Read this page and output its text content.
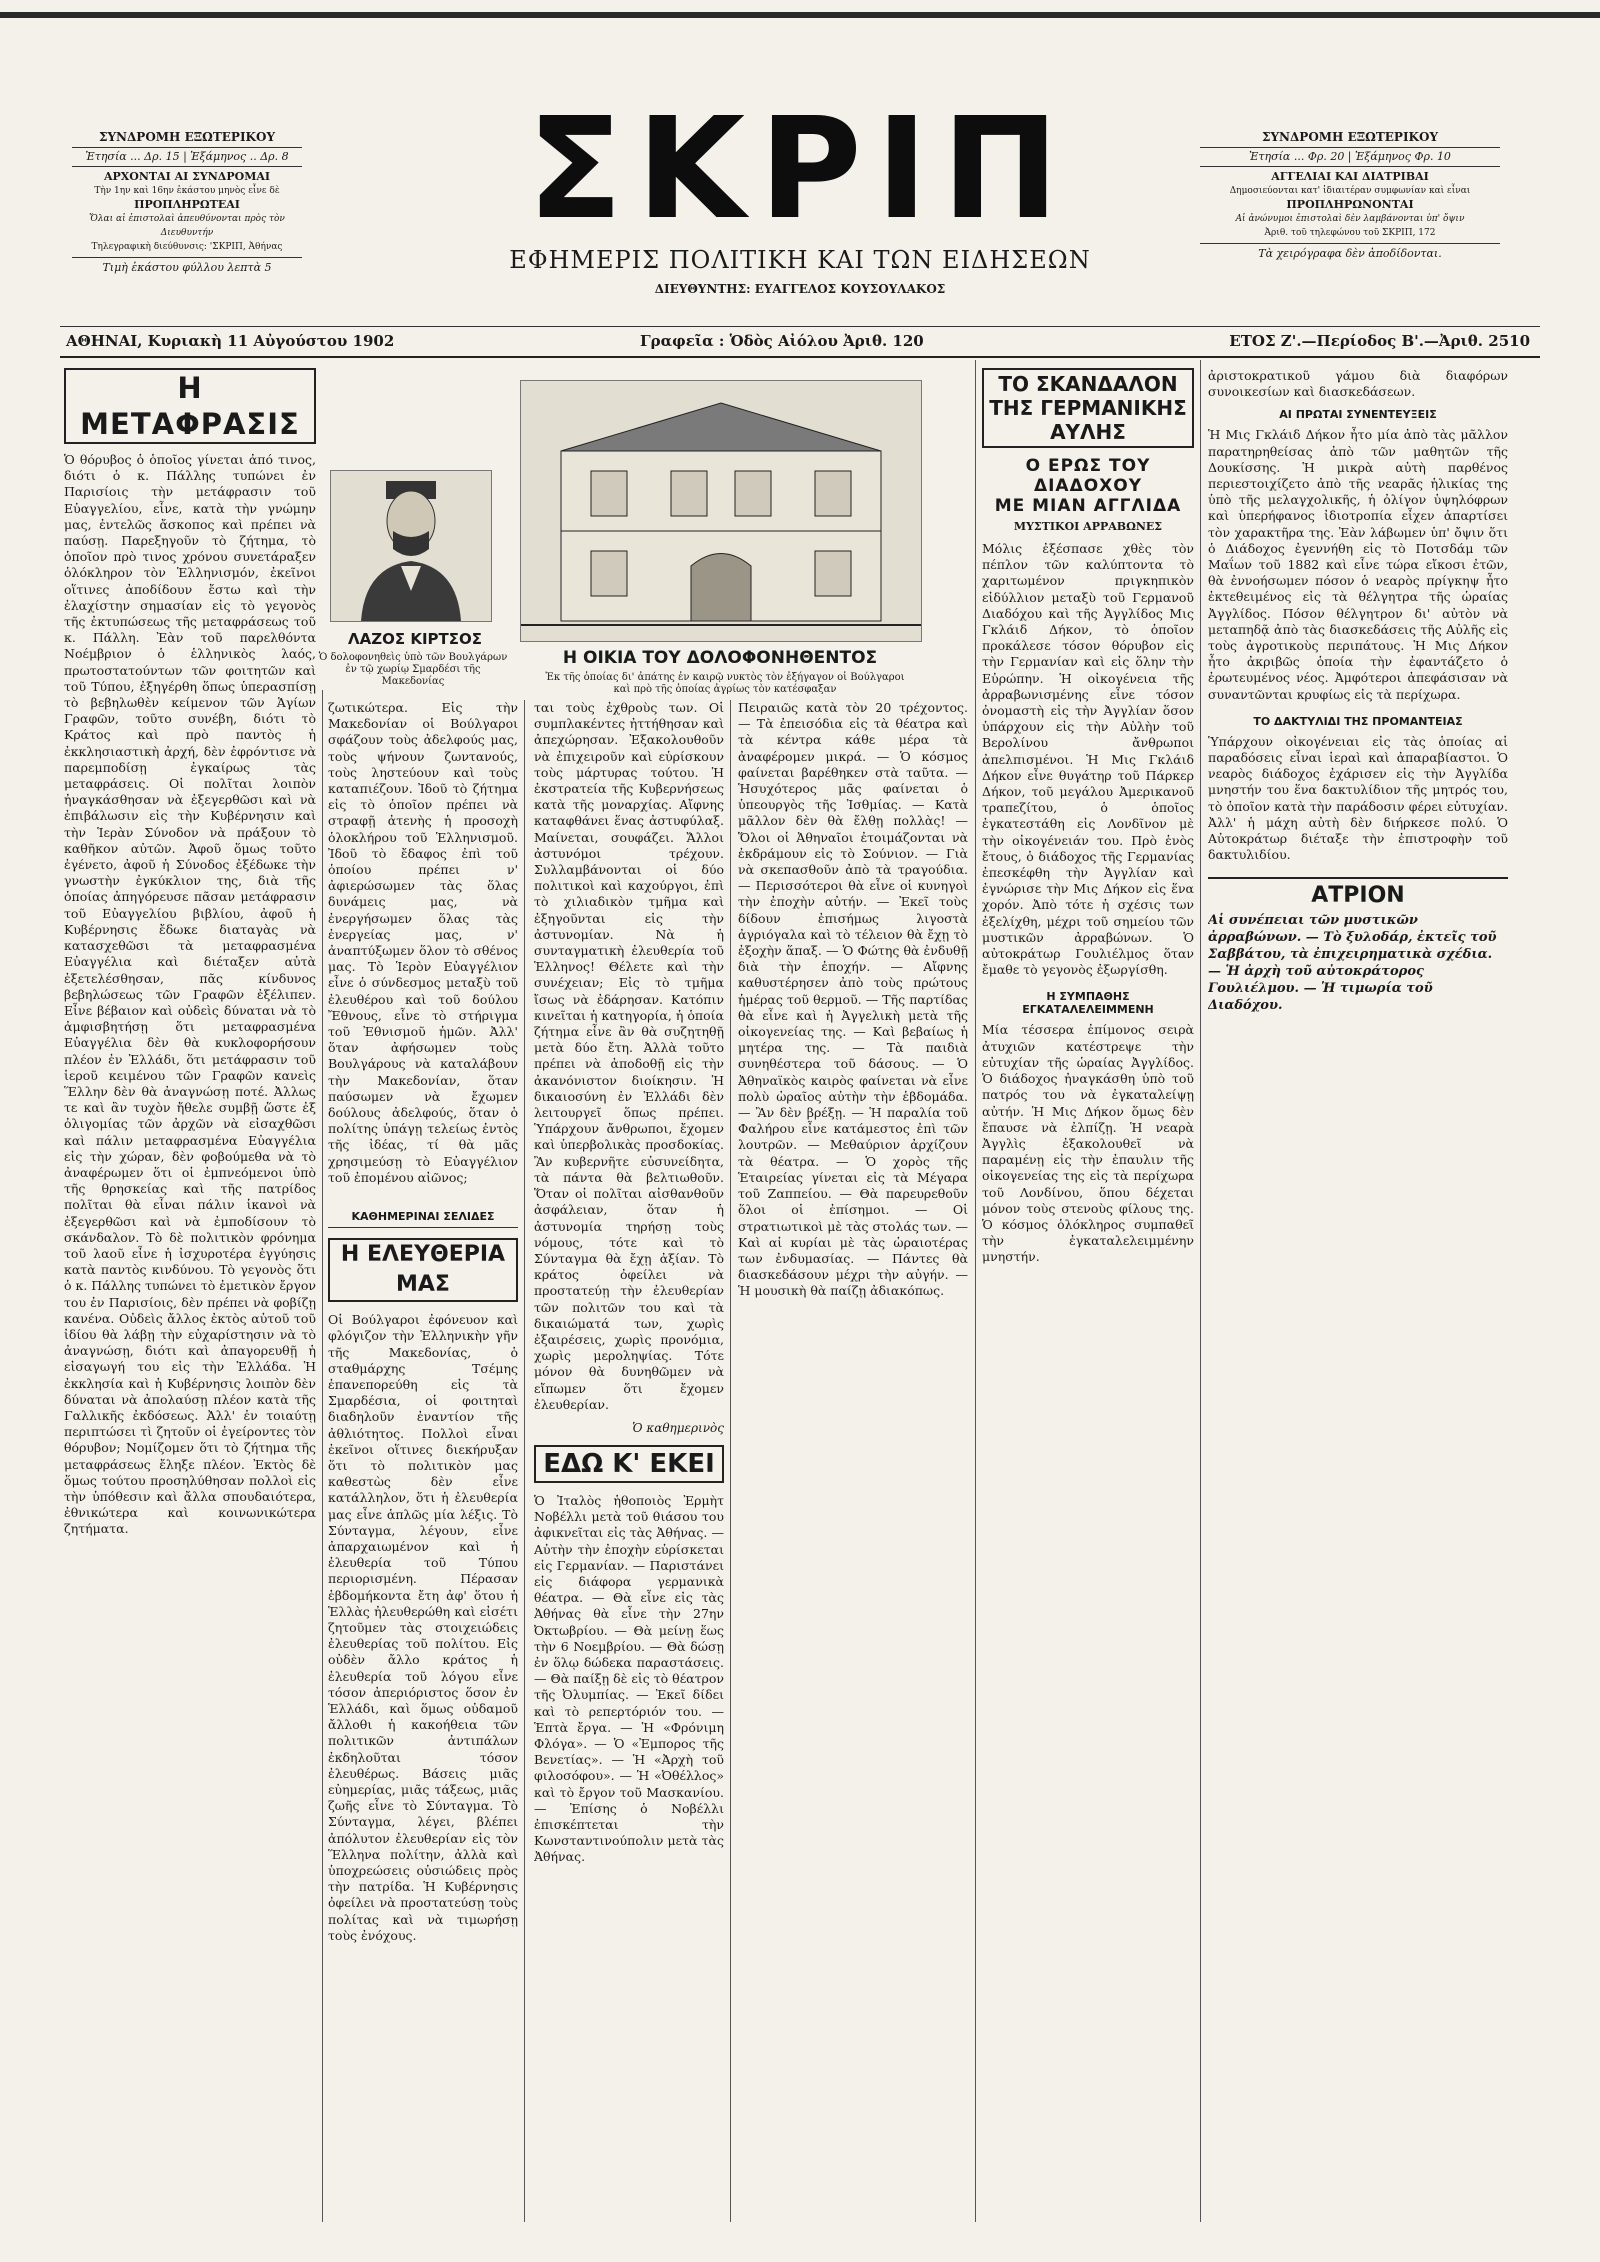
ΣΥΝΔΡΟΜΗ ΕΞΩΤΕΡΙΚΟΥ
Ἐτησία ... Δρ. 15 | Ἑξάμηνος .. Δρ. 8
ΑΡΧΟΝΤΑΙ ΑΙ ΣΥΝΔΡΟΜΑΙ
Τὴν 1ην καὶ 16ην ἑκάστου μηνὸς εἶνε δὲ
ΠΡΟΠΛΗΡΩΤΕΑΙ
Ὅλαι αἱ ἐπιστολαὶ ἀπευθύνονται πρὸς τὸν Διευθυντήν
Τηλεγραφικὴ διεύθυνσις: 'ΣΚΡΙΠ, Ἀθήνας
Τιμὴ ἑκάστου φύλλου λεπτὰ 5
ΣΚΡΙΠ
ΕΦΗΜΕΡΙΣ ΠΟΛΙΤΙΚΗ ΚΑΙ ΤΩΝ ΕΙΔΗΣΕΩΝ
ΔΙΕΥΘΥΝΤΗΣ: ΕΥΑΓΓΕΛΟΣ ΚΟΥΣΟΥΛΑΚΟΣ
ΣΥΝΔΡΟΜΗ ΕΞΩΤΕΡΙΚΟΥ
Ἐτησία ... Φρ. 20 | Ἑξάμηνος Φρ. 10
ΑΓΓΕΛΙΑΙ ΚΑΙ ΔΙΑΤΡΙΒΑΙ
Δημοσιεύονται κατ' ἰδιαιτέραν συμφωνίαν καὶ εἶναι
ΠΡΟΠΛΗΡΩΝΟΝΤΑΙ
Αἱ ἀνώνυμοι ἐπιστολαὶ δὲν λαμβάνονται ὑπ' ὄψιν
Ἀριθ. τοῦ τηλεφώνου τοῦ ΣΚΡΙΠ, 172
Τὰ χειρόγραφα δὲν ἀποδίδονται.
ΑΘΗΝΑΙ, Κυριακὴ 11 Αὐγούστου 1902	Γραφεῖα : Ὁδὸς Αἰόλου Ἀριθ. 120	ΕΤΟΣ Ζ'.—Περίοδος Β'.—Ἀριθ. 2510
Η ΜΕΤΑΦΡΑΣΙΣ
Ὁ θόρυβος ὁ ὁποῖος γίνεται ἀπό τινος, διότι ὁ κ. Πάλλης τυπώνει ἐν Παρισίοις τὴν μετάφρασιν τοῦ Εὐαγγελίου, εἶνε, κατὰ τὴν γνώμην μας, ἐντελῶς ἄσκοπος καὶ πρέπει νὰ παύσῃ. Παρεξηγοῦν τὸ ζήτημα, τὸ ὁποῖον πρὸ τινος χρόνου συνετάραξεν ὁλόκληρον τὸν Ἑλληνισμόν, ἐκεῖνοι οἵτινες ἀποδίδουν ἔστω καὶ τὴν ἐλαχίστην σημασίαν εἰς τὸ γεγονὸς τῆς ἐκτυπώσεως τῆς μεταφράσεως τοῦ κ. Πάλλη. Ἐὰν τοῦ παρελθόντα Νοέμβριον ὁ ἑλληνικὸς λαός, πρωτοστατούντων τῶν φοιτητῶν καὶ τοῦ Τύπου, ἐξηγέρθη ὅπως ὑπερασπίσῃ τὸ βεβηλωθὲν κείμενον τῶν Ἁγίων Γραφῶν, τοῦτο συνέβη, διότι τὸ Κράτος καὶ πρὸ παντὸς ἡ ἐκκλησιαστικὴ ἀρχή, δὲν ἐφρόντισε νὰ παρεμποδίσῃ ἐγκαίρως τὰς μεταφράσεις. Οἱ πολῖται λοιπὸν ἠναγκάσθησαν νὰ ἐξεγερθῶσι καὶ νὰ ἐπιβάλωσιν εἰς τὴν Κυβέρνησιν καὶ τὴν Ἱερὰν Σύνοδον νὰ πράξουν τὸ καθῆκον αὐτῶν. Ἀφοῦ ὅμως τοῦτο ἐγένετο, ἀφοῦ ἡ Σύνοδος ἐξέδωκε τὴν γνωστὴν ἐγκύκλιον της, διὰ τῆς ὁποίας ἀπηγόρευσε πᾶσαν μετάφρασιν τοῦ Εὐαγγελίου βιβλίου, ἀφοῦ ἡ Κυβέρνησις ἔδωκε διαταγὰς νὰ κατασχεθῶσι τὰ μεταφρασμένα Εὐαγγέλια καὶ διέταξεν αὐτὰ ἐξετελέσθησαν, πᾶς κίνδυνος βεβηλώσεως τῶν Γραφῶν ἐξέλιπεν. Εἶνε βέβαιον καὶ οὐδεὶς δύναται νὰ τὸ ἀμφισβητήσῃ ὅτι μεταφρασμένα Εὐαγγέλια δὲν θὰ κυκλοφορήσουν πλέον ἐν Ἑλλάδι, ὅτι μετάφρασιν τοῦ ἱεροῦ κειμένου τῶν Γραφῶν κανεὶς Ἕλλην δὲν θὰ ἀναγνώσῃ ποτέ. Ἀλλως τε καὶ ἂν τυχὸν ἤθελε συμβῇ ὥστε ἐξ ὀλιγομίας τῶν ἀρχῶν νὰ εἰσαχθῶσι καὶ πάλιν μεταφρασμένα Εὐαγγέλια εἰς τὴν χώραν, δὲν φοβούμεθα νὰ τὸ ἀναφέρωμεν ὅτι οἱ ἐμπνεόμενοι ὑπὸ τῆς θρησκείας καὶ τῆς πατρίδος πολῖται θὰ εἶναι πάλιν ἱκανοὶ νὰ ἐξεγερθῶσι καὶ νὰ ἐμποδίσουν τὸ σκάνδαλον. Τὸ δὲ πολιτικὸν φρόνημα τοῦ λαοῦ εἶνε ἡ ἰσχυροτέρα ἐγγύησις κατὰ παντὸς κινδύνου. Τὸ γεγονὸς ὅτι ὁ κ. Πάλλης τυπώνει τὸ ἐμετικὸν ἔργον του ἐν Παρισίοις, δὲν πρέπει νὰ φοβίζῃ κανένα. Οὐδεὶς ἄλλος ἐκτὸς αὐτοῦ τοῦ ἰδίου θὰ λάβῃ τὴν εὐχαρίστησιν νὰ τὸ ἀναγνώσῃ, διότι καὶ ἀπαγορευθῇ ἡ εἰσαγωγή του εἰς τὴν Ἑλλάδα. Ἡ ἐκκλησία καὶ ἡ Κυβέρνησις λοιπὸν δὲν δύναται νὰ ἀπολαύσῃ πλέον κατὰ τῆς Γαλλικῆς ἐκδόσεως. Ἀλλ' ἐν τοιαύτῃ περιπτώσει τὶ ζητοῦν οἱ ἐγείροντες τὸν θόρυβον; Νομίζομεν ὅτι τὸ ζήτημα τῆς μεταφράσεως ἔληξε πλέον. Ἐκτὸς δὲ ὅμως τούτου προσηλύθησαν πολλοὶ εἰς τὴν ὑπόθεσιν καὶ ἄλλα σπουδαιότερα, ἐθνικώτερα καὶ κοινωνικώτερα ζητήματα.
ΛΑΖΟΣ ΚΙΡΤΣΟΣ
Ὁ δολοφονηθεὶς ὑπὸ τῶν Βουλγάρων ἐν τῷ χωρίῳ Σμαρδέσι τῆς Μακεδονίας
Η ΟΙΚΙΑ ΤΟΥ ΔΟΛΟΦΟΝΗΘΕΝΤΟΣ
Ἐκ τῆς ὁποίας δι' ἀπάτης ἐν καιρῷ νυκτὸς τὸν ἐξήγαγον οἱ Βούλγαροι καὶ πρὸ τῆς ὁποίας ἀγρίως τὸν κατέσφαξαν
ζωτικώτερα. Εἰς τὴν Μακεδονίαν οἱ Βούλγαροι σφάζουν τοὺς ἀδελφούς μας, τοὺς ψήνουν ζωντανούς, τοὺς ληστεύουν καὶ τοὺς καταπιέζουν. Ἰδοῦ τὸ ζήτημα εἰς τὸ ὁποῖον πρέπει νὰ στραφῇ ἀτενὴς ἡ προσοχὴ ὁλοκλήρου τοῦ Ἑλληνισμοῦ. Ἰδοῦ τὸ ἔδαφος ἐπὶ τοῦ ὁποίου πρέπει ν' ἀφιερώσωμεν τὰς ὅλας δυνάμεις μας, νὰ ἐνεργήσωμεν ὅλας τὰς ἐνεργείας μας, ν' ἀναπτύξωμεν ὅλον τὸ σθένος μας. Τὸ Ἱερὸν Εὐαγγέλιον εἶνε ὁ σύνδεσμος μεταξὺ τοῦ ἐλευθέρου καὶ τοῦ δούλου Ἔθνους, εἶνε τὸ στήριγμα τοῦ Ἐθνισμοῦ ἡμῶν. Ἀλλ' ὅταν ἀφήσωμεν τοὺς Βουλγάρους νὰ καταλάβουν τὴν Μακεδονίαν, ὅταν παύσωμεν νὰ ἔχωμεν δούλους ἀδελφούς, ὅταν ὁ πολίτης ὑπάγῃ τελείως ἐντὸς τῆς ἰδέας, τί θὰ μᾶς χρησιμεύσῃ τὸ Εὐαγγέλιον τοῦ ἐπομένου αἰῶνος;
ΚΑΘΗΜΕΡΙΝΑΙ ΣΕΛΙΔΕΣ
Η ΕΛΕΥΘΕΡΙΑ ΜΑΣ
Οἱ Βούλγαροι ἐφόνευον καὶ φλόγιζον τὴν Ἑλληνικὴν γῆν τῆς Μακεδονίας, ὁ σταθμάρχης Τσέμης ἐπανεπορεύθη εἰς τὰ Σμαρδέσια, οἱ φοιτηταὶ διαδηλοῦν ἐναντίον τῆς ἀθλιότητος. Πολλοὶ εἶναι ἐκεῖνοι οἵτινες διεκήρυξαν ὅτι τὸ πολιτικὸν μας καθεστὼς δὲν εἶνε κατάλληλον, ὅτι ἡ ἐλευθερία μας εἶνε ἁπλῶς μία λέξις. Τὸ Σύνταγμα, λέγουν, εἶνε ἀπαρχαιωμένον καὶ ἡ ἐλευθερία τοῦ Τύπου περιορισμένη. Πέρασαν ἑβδομήκοντα ἔτη ἀφ' ὅτου ἡ Ἑλλὰς ἠλευθερώθη καὶ εἰσέτι ζητοῦμεν τὰς στοιχειώδεις ἐλευθερίας τοῦ πολίτου. Εἰς οὐδὲν ἄλλο κράτος ἡ ἐλευθερία τοῦ λόγου εἶνε τόσον ἀπεριόριστος ὅσον ἐν Ἑλλάδι, καὶ ὅμως οὐδαμοῦ ἄλλοθι ἡ κακοήθεια τῶν πολιτικῶν ἀντιπάλων ἐκδηλοῦται τόσον ἐλευθέρως. Βάσεις μιᾶς εὐημερίας, μιᾶς τάξεως, μιᾶς ζωῆς εἶνε τὸ Σύνταγμα. Τὸ Σύνταγμα, λέγει, βλέπει ἀπόλυτον ἐλευθερίαν εἰς τὸν Ἕλληνα πολίτην, ἀλλὰ καὶ ὑποχρεώσεις οὐσιώδεις πρὸς τὴν πατρίδα. Ἡ Κυβέρνησις ὀφείλει νὰ προστατεύσῃ τοὺς πολίτας καὶ νὰ τιμωρήσῃ τοὺς ἐνόχους.
ται τοὺς ἐχθροὺς των. Οἱ συμπλακέντες ἠττήθησαν καὶ ἀπεχώρησαν. Ἐξακολουθοῦν νὰ ἐπιχειροῦν καὶ εὑρίσκουν τοὺς μάρτυρας τούτου. Ἡ ἐκστρατεία τῆς Κυβερνήσεως κατὰ τῆς μοναρχίας. Αἴφνης καταφθάνει ἕνας ἀστυφύλαξ. Μαίνεται, σουφάζει. Ἄλλοι ἀστυνόμοι τρέχουν. Συλλαμβάνονται οἱ δύο πολιτικοὶ καὶ καχούργοι, ἐπὶ τὸ χιλιαδικὸν τμῆμα καὶ ἐξηγοῦνται εἰς τὴν ἀστυνομίαν. Νὰ ἡ συνταγματικὴ ἐλευθερία τοῦ Ἑλληνος! Θέλετε καὶ τὴν συνέχειαν; Εἰς τὸ τμῆμα ἴσως νὰ ἐδάρησαν. Κατόπιν κινεῖται ἡ κατηγορία, ἡ ὁποία ζήτημα εἶνε ἂν θὰ συζητηθῇ μετὰ δύο ἔτη. Ἀλλὰ τοῦτο πρέπει νὰ ἀποδοθῇ εἰς τὴν ἀκανόνιστον διοίκησιν. Ἡ δικαιοσύνη ἐν Ἑλλάδι δὲν λειτουργεῖ ὅπως πρέπει. Ὑπάρχουν ἄνθρωποι, ἔχομεν καὶ ὑπερβολικὰς προσδοκίας. Ἂν κυβερνῆτε εὐσυνείδητα, τὰ πάντα θὰ βελτιωθοῦν. Ὅταν οἱ πολῖται αἰσθανθοῦν ἀσφάλειαν, ὅταν ἡ ἀστυνομία τηρήσῃ τοὺς νόμους, τότε καὶ τὸ Σύνταγμα θὰ ἔχῃ ἀξίαν. Τὸ κράτος ὀφείλει νὰ προστατεύῃ τὴν ἐλευθερίαν τῶν πολιτῶν του καὶ τὰ δικαιώματά των, χωρὶς ἐξαιρέσεις, χωρὶς προνόμια, χωρὶς μεροληψίας. Τότε μόνον θὰ δυνηθῶμεν νὰ εἴπωμεν ὅτι ἔχομεν ἐλευθερίαν.
Ὁ καθημερινὸς
ΕΔΩ Κ' ΕΚΕΙ
Ὁ Ἰταλὸς ἡθοποιὸς Ἐρμὴτ Νοβέλλι μετὰ τοῦ θιάσου του ἀφικνεῖται εἰς τὰς Ἀθήνας. — Αὐτὴν τὴν ἐποχὴν εὑρίσκεται εἰς Γερμανίαν. — Παριστάνει εἰς διάφορα γερμανικὰ θέατρα. — Θὰ εἶνε εἰς τὰς Ἀθήνας θὰ εἶνε τὴν 27ην Ὀκτωβρίου. — Θὰ μείνῃ ἕως τὴν 6 Νοεμβρίου. — Θὰ δώσῃ ἐν ὅλῳ δώδεκα παραστάσεις. — Θὰ παίξῃ δὲ εἰς τὸ θέατρον τῆς Ὀλυμπίας. — Ἐκεῖ δίδει καὶ τὸ ρεπερτόριόν του. — Ἑπτὰ ἔργα. — Ἡ «Φρόνιμη Φλόγα». — Ὁ «Ἐμπορος τῆς Βενετίας». — Ἡ «Ἀρχὴ τοῦ φιλοσόφου». — Ἡ «Ὀθέλλος» καὶ τὸ ἔργον τοῦ Μασκανίου. — Ἐπίσης ὁ Νοβέλλι ἐπισκέπτεται τὴν Κωνσταντινούπολιν μετὰ τὰς Ἀθήνας.
Πειραιῶς κατὰ τὸν 20 τρέχοντος. — Τὰ ἐπεισόδια εἰς τὰ θέατρα καὶ τὰ κέντρα κάθε μέρα τὰ ἀναφέρομεν μικρά. — Ὁ κόσμος φαίνεται βαρέθηκεν στὰ ταῦτα. — Ἡσυχότερος μᾶς φαίνεται ὁ ὑπεουργὸς τῆς Ἰσθμίας. — Κατὰ μᾶλλον δὲν θὰ ἔλθῃ πολλὰς! — Ὅλοι οἱ Ἀθηναῖοι ἐτοιμάζονται νὰ ἐκδράμουν εἰς τὸ Σούνιον. — Γιὰ νὰ σκεπασθοῦν ἀπὸ τὰ τραγούδια. — Περισσότεροι θὰ εἶνε οἱ κυνηγοὶ τὴν ἐποχὴν αὐτήν. — Ἐκεῖ τοὺς δίδουν ἐπισήμως λιγοστὰ ἀγριόγαλα καὶ τὸ τέλειον θὰ ἔχῃ τὸ ἐξοχὴν ἅπαξ. — Ὁ Φώτης θὰ ἐνδυθῇ διὰ τὴν ἐποχήν. — Αἴφνης καθυστέρησεν ἀπὸ τοὺς πρώτους ἡμέρας τοῦ θερμοῦ. — Τῆς παρτίδας θὰ εἶνε καὶ ἡ Ἀγγελικὴ μετὰ τῆς οἰκογενείας της. — Καὶ βεβαίως ἡ μητέρα της. — Τὰ παιδιὰ συνηθέστερα τοῦ δάσους. — Ὁ Ἀθηναϊκὸς καιρὸς φαίνεται νὰ εἶνε πολὺ ὡραῖος αὐτὴν τὴν ἑβδομάδα. — Ἂν δὲν βρέξῃ. — Ἡ παραλία τοῦ Φαλήρου εἶνε κατάμεστος ἐπὶ τῶν λουτρῶν. — Μεθαύριον ἀρχίζουν τὰ θέατρα. — Ὁ χορὸς τῆς Ἑταιρείας γίνεται εἰς τὰ Μέγαρα τοῦ Ζαππείου. — Θὰ παρευρεθοῦν ὅλοι οἱ ἐπίσημοι. — Οἱ στρατιωτικοὶ μὲ τὰς στολάς των. — Καὶ αἱ κυρίαι μὲ τὰς ὡραιοτέρας των ἐνδυμασίας. — Πάντες θὰ διασκεδάσουν μέχρι τὴν αὐγήν. — Ἡ μουσικὴ θὰ παίζῃ ἀδιακόπως.
ΤΟ ΣΚΑΝΔΑΛΟΝ ΤΗΣ ΓΕΡΜΑΝΙΚΗΣ ΑΥΛΗΣ
Ο ΕΡΩΣ ΤΟΥ ΔΙΑΔΟΧΟΥ
ΜΕ ΜΙΑΝ ΑΓΓΛΙΔΑ
ΜΥΣΤΙΚΟΙ ΑΡΡΑΒΩΝΕΣ
Μόλις ἐξέσπασε χθὲς τὸν πέπλον τῶν καλύπτοντα τὸ χαριτωμένον πριγκηπικὸν εἰδύλλιον μεταξὺ τοῦ Γερμανοῦ Διαδόχου καὶ τῆς Ἀγγλίδος Μις Γκλάιδ Δήκον, τὸ ὁποῖον προκάλεσε τόσον θόρυβον εἰς τὴν Γερμανίαν καὶ εἰς ὅλην τὴν Εὐρώπην. Ἡ οἰκογένεια τῆς ἀρραβωνισμένης εἶνε τόσον ὀνομαστὴ εἰς τὴν Ἀγγλίαν ὅσον ὑπάρχουν εἰς τὴν Αὐλὴν τοῦ Βερολίνου ἄνθρωποι ἀπελπισμένοι. Ἡ Μις Γκλάιδ Δήκον εἶνε θυγάτηρ τοῦ Πάρκερ Δήκον, τοῦ μεγάλου Ἀμερικανοῦ τραπεζίτου, ὁ ὁποῖος ἐγκατεστάθη εἰς Λονδῖνον μὲ τὴν οἰκογένειάν του. Πρὸ ἑνὸς ἔτους, ὁ διάδοχος τῆς Γερμανίας ἐπεσκέφθη τὴν Ἀγγλίαν καὶ ἐγνώρισε τὴν Μις Δήκον εἰς ἕνα χορόν. Ἀπὸ τότε ἡ σχέσις των ἐξελίχθη, μέχρι τοῦ σημείου τῶν μυστικῶν ἀρραβώνων. Ὁ αὐτοκράτωρ Γουλιέλμος ὅταν ἔμαθε τὸ γεγονὸς ἐξωργίσθη.
Η ΣΥΜΠΑΘΗΣ ΕΓΚΑΤΑΛΕΛΕΙΜΜΕΝΗ
Μία τέσσερα ἐπίμονος σειρὰ ἀτυχιῶν κατέστρεψε τὴν εὐτυχίαν τῆς ὡραίας Ἀγγλίδος. Ὁ διάδοχος ἠναγκάσθη ὑπὸ τοῦ πατρός του νὰ ἐγκαταλείψῃ αὐτήν. Ἡ Μις Δήκον ὅμως δὲν ἔπαυσε νὰ ἐλπίζῃ. Ἡ νεαρὰ Ἀγγλὶς ἐξακολουθεῖ νὰ παραμένῃ εἰς τὴν ἐπαυλιν τῆς οἰκογενείας της εἰς τὰ περίχωρα τοῦ Λονδίνου, ὅπου δέχεται μόνον τοὺς στενοὺς φίλους της. Ὁ κόσμος ὁλόκληρος συμπαθεῖ τὴν ἐγκαταλελειμμένην μνηστήν.
ἀριστοκρατικοῦ γάμου διὰ διαφόρων συνοικεσίων καὶ διασκεδάσεων.
ΑΙ ΠΡΩΤΑΙ ΣΥΝΕΝΤΕΥΞΕΙΣ
Ἡ Μις Γκλάιδ Δήκον ἦτο μία ἀπὸ τὰς μᾶλλον παρατηρηθείσας ἀπὸ τῶν μαθητῶν τῆς Δουκίσσης. Ἡ μικρὰ αὐτὴ παρθένος περιεστοιχίζετο ἀπὸ τῆς νεαρᾶς ἡλικίας της ὑπὸ τῆς μελαγχολικῆς, ἡ ὀλίγον ὑψηλόφρων καὶ ὑπερήφανος ἰδιοτροπία εἶχεν ἀπαρτίσει τὸν χαρακτῆρα της. Ἐὰν λάβωμεν ὑπ' ὄψιν ὅτι ὁ Διάδοχος ἐγεννήθη εἰς τὸ Ποτσδάμ τῶν Μαΐων τοῦ 1882 καὶ εἶνε τώρα εἴκοσι ἐτῶν, θὰ ἐννοήσωμεν πόσον ὁ νεαρὸς πρίγκηψ ἦτο ἐκτεθειμένος εἰς τὰ θέλγητρα τῆς ὡραίας Ἀγγλίδος. Πόσον θέλγητρον δι' αὐτὸν νὰ μεταπηδᾷ ἀπὸ τὰς διασκεδάσεις τῆς Αὐλῆς εἰς τοὺς ἀγροτικοὺς περιπάτους. Ἡ Μις Δήκον ἦτο ἀκριβῶς ὁποία τὴν ἐφαντάζετο ὁ ἐρωτευμένος νέος. Ἀμφότεροι ἀπεφάσισαν νὰ συναντῶνται κρυφίως εἰς τὰ περίχωρα.
ΤΟ ΔΑΚΤΥΛΙΔΙ ΤΗΣ ΠΡΟΜΑΝΤΕΙΑΣ
Ὑπάρχουν οἰκογένειαι εἰς τὰς ὁποίας αἱ παραδόσεις εἶναι ἱεραὶ καὶ ἀπαραβίαστοι. Ὁ νεαρὸς διάδοχος ἐχάρισεν εἰς τὴν Ἀγγλίδα μνηστήν του ἕνα δακτυλίδιον τῆς μητρός του, τὸ ὁποῖον κατὰ τὴν παράδοσιν φέρει εὐτυχίαν. Ἀλλ' ἡ μάχη αὐτὴ δὲν διήρκεσε πολύ. Ὁ Αὐτοκράτωρ διέταξε τὴν ἐπιστροφὴν τοῦ δακτυλιδίου.
ΑΤΡΙΟΝ
Αἱ συνέπειαι τῶν μυστικῶν ἀρραβώνων. — Τὸ ξυλοδάρ, ἐκτεῖς τοῦ Σαββάτου, τὰ ἐπιχειρηματικὰ σχέδια. — Ἡ ἀρχὴ τοῦ αὐτοκράτορος Γουλιέλμου. — Ἡ τιμωρία τοῦ Διαδόχου.
